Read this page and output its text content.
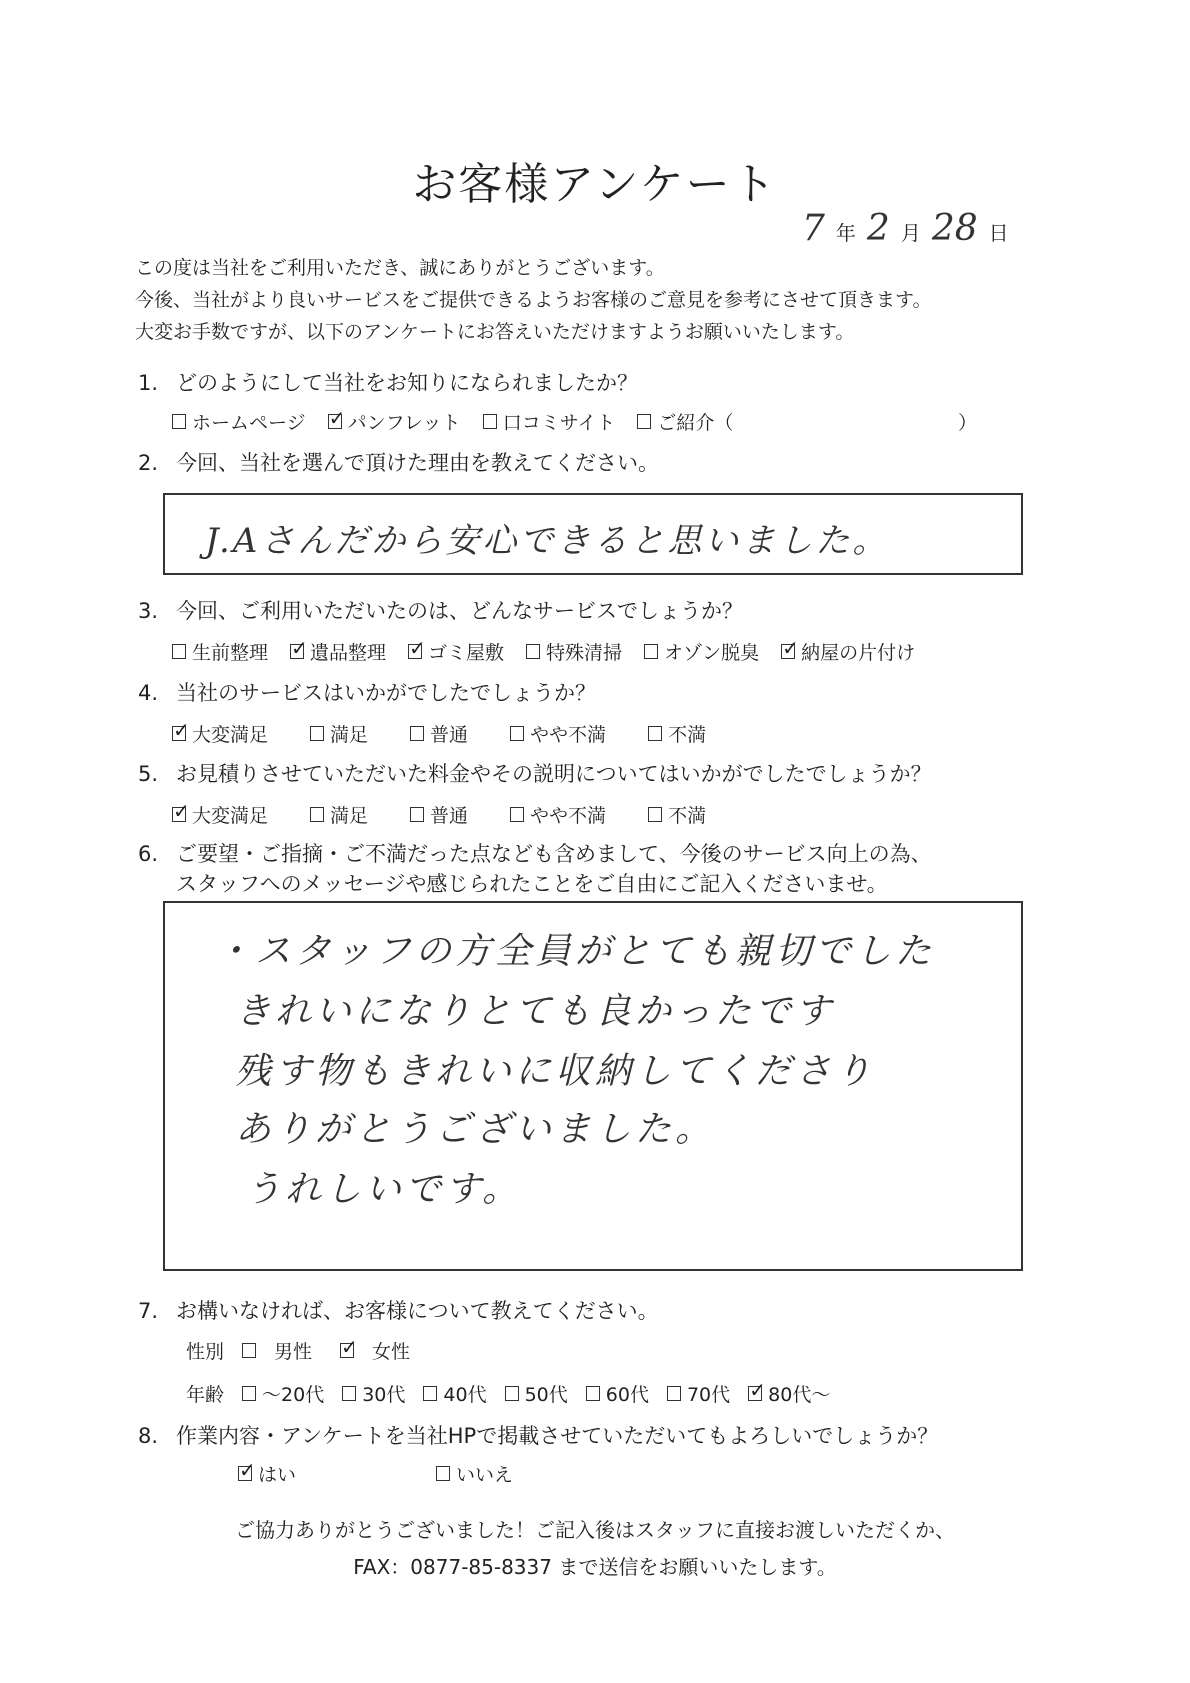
お客様アンケート
7 年 2 月 28 日
この度は当社をご利用いただき、誠にありがとうございます。
今後、当社がより良いサービスをご提供できるようお客様のご意見を参考にさせて頂きます。
大変お手数ですが、以下のアンケートにお答えいただけますようお願いいたします。
1. どのようにして当社をお知りになられましたか？
ホームページ ✓ パンフレット 口コミサイト ご紹介（	）
2. 今回、当社を選んで頂けた理由を教えてください。
J.Aさんだから安心できると思いました。
3. 今回、ご利用いただいたのは、どんなサービスでしょうか？
生前整理 ✓ 遺品整理 ✓ ゴミ屋敷 特殊清掃 オゾン脱臭 ✓ 納屋の片付け
4. 当社のサービスはいかがでしたでしょうか？
✓
大変満足	満足	普通	やや不満	不満
5. お見積りさせていただいた料金やその説明についてはいかがでしたでしょうか？
✓
大変満足	満足	普通	やや不満	不満
6. ご要望・ご指摘・ご不満だった点なども含めまして、今後のサービス向上の為、
スタッフへのメッセージや感じられたことをご自由にご記入くださいませ。
・スタッフの方全員がとても親切でした
きれいになりとても良かったです
残す物もきれいに収納してくださり
ありがとうございました。
うれしいです。
7. お構いなければ、お客様について教えてください。
性別	男性 ✓	女性
年齢 ～20代 30代 40代 50代 60代 70代 ✓ 80代～
8. 作業内容・アンケートを当社HPで掲載させていただいてもよろしいでしょうか？
✓
はい	いいえ
ご協力ありがとうございました！ご記入後はスタッフに直接お渡しいただくか、
FAX：0877-85-8337 まで送信をお願いいたします。
